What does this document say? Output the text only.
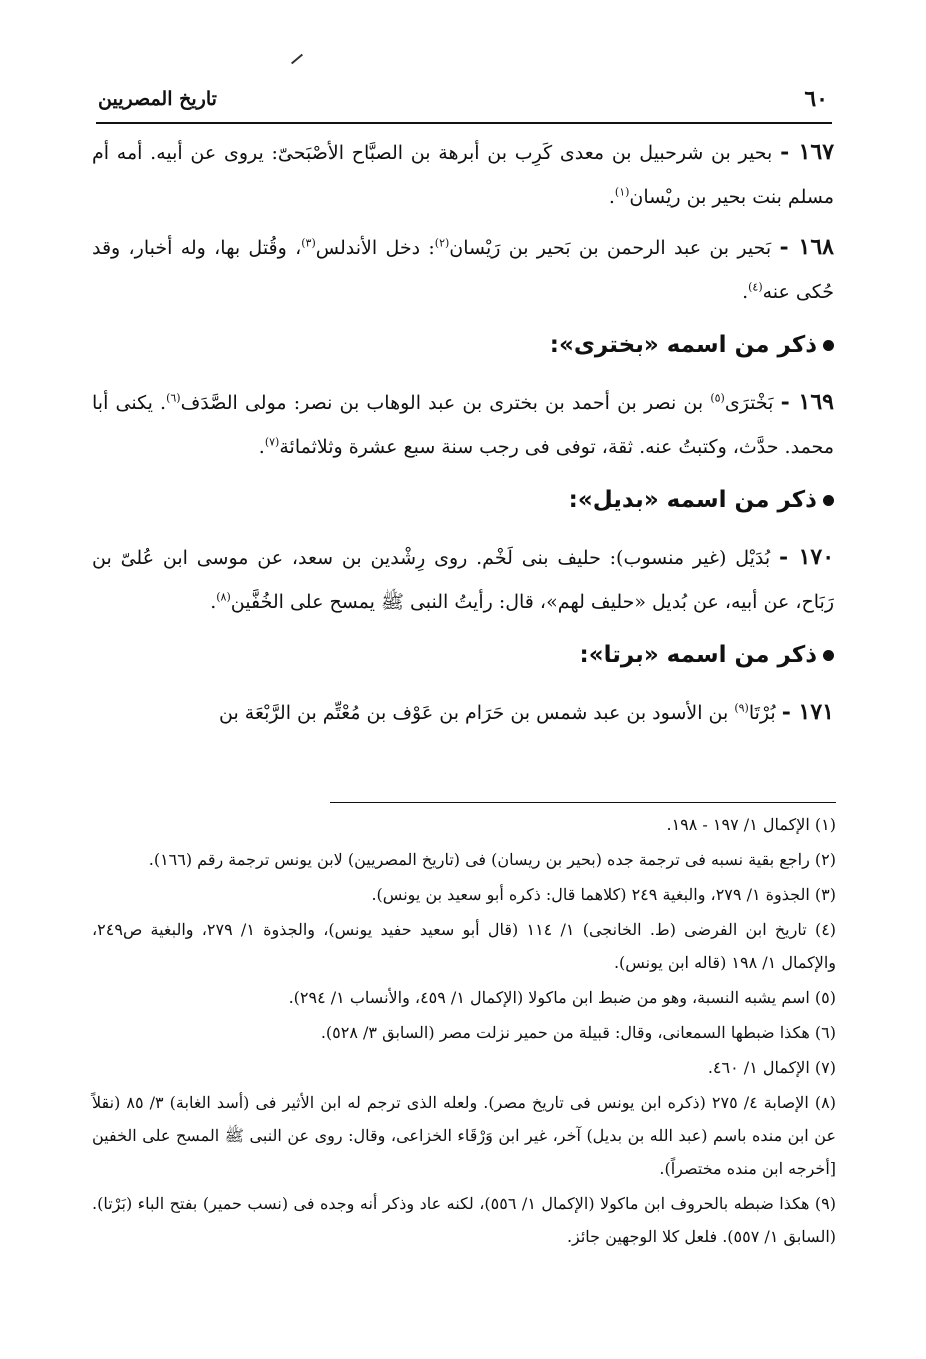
٦٠
تاريخ المصريين

١٦٧ - بحير بن شرحبيل بن معدى كَرِب بن أبرهة بن الصبَّاح الأصْبَحىّ: يروى عن أبيه. أمه أم مسلم بنت بحير بن ريْسان$^{(١)}$.

١٦٨ - بَحير بن عبد الرحمن بن بَحير بن رَيْسان$^{(٢)}$: دخل الأندلس$^{(٣)}$، وقُتل بها، وله أخبار، وقد حُكى عنه$^{(٤)}$.

ذكر من اسمه «بخترى»:

١٦٩ - بَخْترَى$^{(٥)}$ بن نصر بن أحمد بن بخترى بن عبد الوهاب بن نصر: مولى الصَّدَف$^{(٦)}$. يكنى أبا محمد. حدَّث، وكتبتُ عنه. ثقة، توفى فى رجب سنة سبع عشرة وثلاثمائة$^{(٧)}$.

ذكر من اسمه «بديل»:

١٧٠ - بُدَيْل (غير منسوب): حليف بنى لَخْم. روى رِشْدين بن سعد، عن موسى ابن عُلىّ بن رَبَاح، عن أبيه، عن بُديل «حليف لهم»، قال: رأيتُ النبى ﷺ يمسح على الخُفَّين$^{(٨)}$.

ذكر من اسمه «برتا»:

١٧١ - بُرْتَا$^{(٩)}$ بن الأسود بن عبد شمس بن حَرَام بن عَوْف بن مُعْتِّم بن الرَّبْعَة بن

(١) الإكمال ١/ ١٩٧ - ١٩٨.

(٢) راجع بقية نسبه فى ترجمة جده (بحير بن ريسان) فى (تاريخ المصريين) لابن يونس ترجمة رقم (١٦٦).

(٣) الجذوة ١/ ٢٧٩، والبغية ٢٤٩ (كلاهما قال: ذكره أبو سعيد بن يونس).

(٤) تاريخ ابن الفرضى (ط. الخانجى) ١/ ١١٤ (قال أبو سعيد حفيد يونس)، والجذوة ١/ ٢٧٩، والبغية ص٢٤٩، والإكمال ١/ ١٩٨ (قاله ابن يونس).

(٥) اسم يشبه النسبة، وهو من ضبط ابن ماكولا (الإكمال ١/ ٤٥٩، والأنساب ١/ ٢٩٤).

(٦) هكذا ضبطها السمعانى، وقال: قبيلة من حمير نزلت مصر (السابق ٣/ ٥٢٨).

(٧) الإكمال ١/ ٤٦٠.

(٨) الإصابة ٤/ ٢٧٥ (ذكره ابن يونس فى تاريخ مصر). ولعله الذى ترجم له ابن الأثير فى (أسد الغابة) ٣/ ٨٥ (نقلاً عن ابن منده باسم (عبد الله بن بديل) آخر، غير ابن وَرْقَاء الخزاعى، وقال: روى عن النبى ﷺ المسح على الخفين [أخرجه ابن منده مختصراً).

(٩) هكذا ضبطه بالحروف ابن ماكولا (الإكمال ١/ ٥٥٦)، لكنه عاد وذكر أنه وجده فى (نسب حمير) بفتح الباء (بَرْتا). (السابق ١/ ٥٥٧). فلعل كلا الوجهين جائز.
